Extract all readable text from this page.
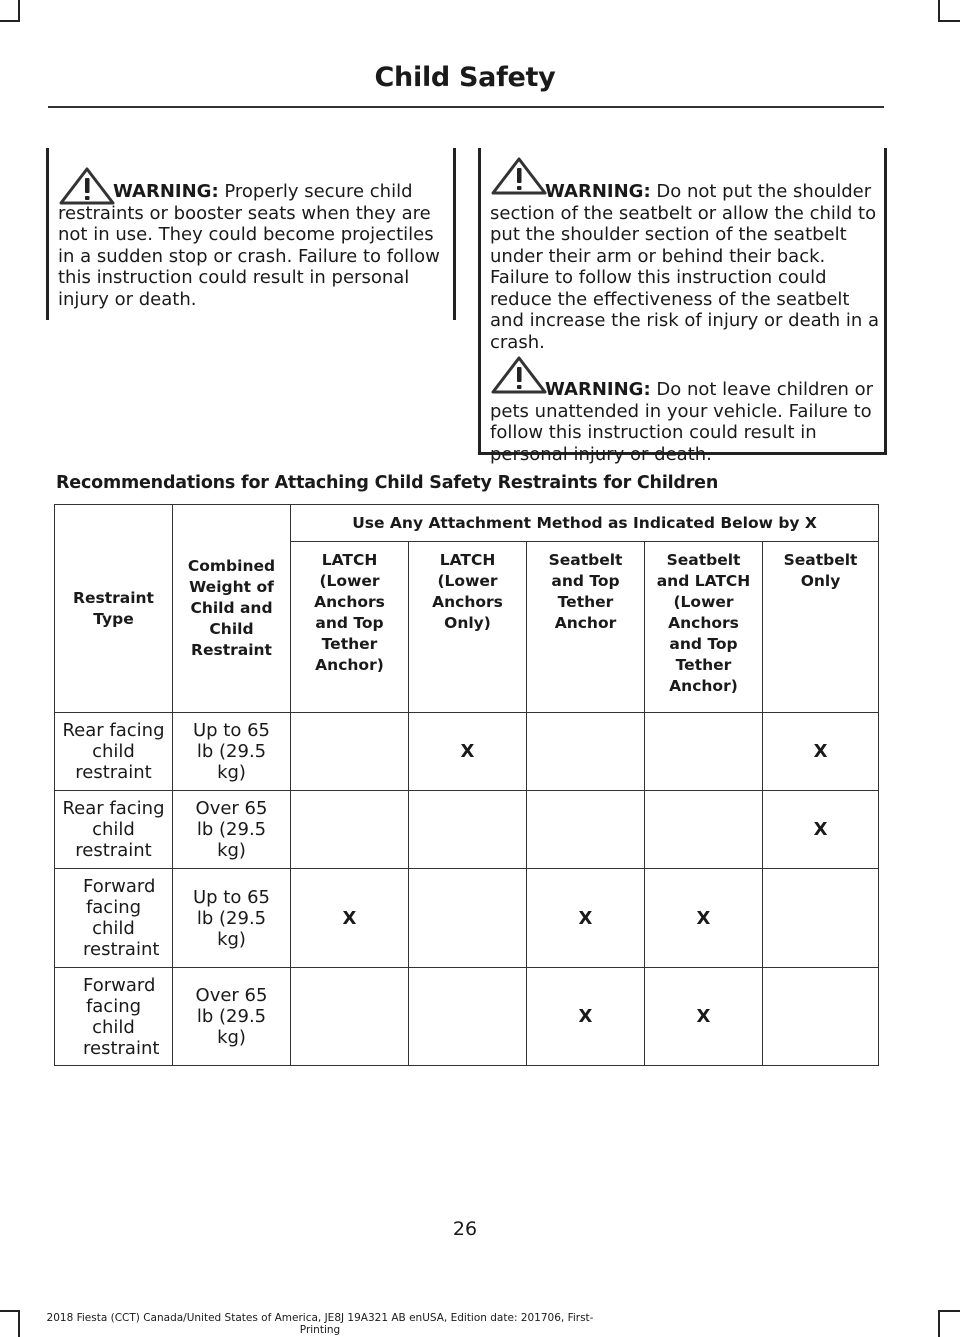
Child Safety
WARNING: Properly secure child restraints or booster seats when they are not in use. They could become projectiles in a sudden stop or crash. Failure to follow this instruction could result in personal injury or death.
WARNING: Do not put the shoulder section of the seatbelt or allow the child to put the shoulder section of the seatbelt under their arm or behind their back. Failure to follow this instruction could reduce the effectiveness of the seatbelt and increase the risk of injury or death in a crash.
WARNING: Do not leave children or pets unattended in your vehicle. Failure to follow this instruction could result in personal injury or death.
Recommendations for Attaching Child Safety Restraints for Children
Restraint Type	Combined Weight of Child and Child Restraint	Use Any Attachment Method as Indicated Below by X				

		LATCH (Lower Anchors and Top Tether Anchor)	LATCH (Lower Anchors Only)	Seatbelt and Top Tether Anchor	Seatbelt and LATCH (Lower Anchors and Top Tether Anchor)	Seatbelt Only

Rear facing child restraint	Up to 65 lb (29.5 kg)		X			X
Rear facing child restraint	Over 65 lb (29.5 kg)					X

Forward facing child restraint	Up to 65 lb (29.5 kg)	X		X	X	

Forward facing child restraint	Over 65 lb (29.5 kg)			X	X	
26
2018 Fiesta (CCT) Canada/United States of America, JE8J 19A321 AB enUSA, Edition date: 201706, First-Printing
